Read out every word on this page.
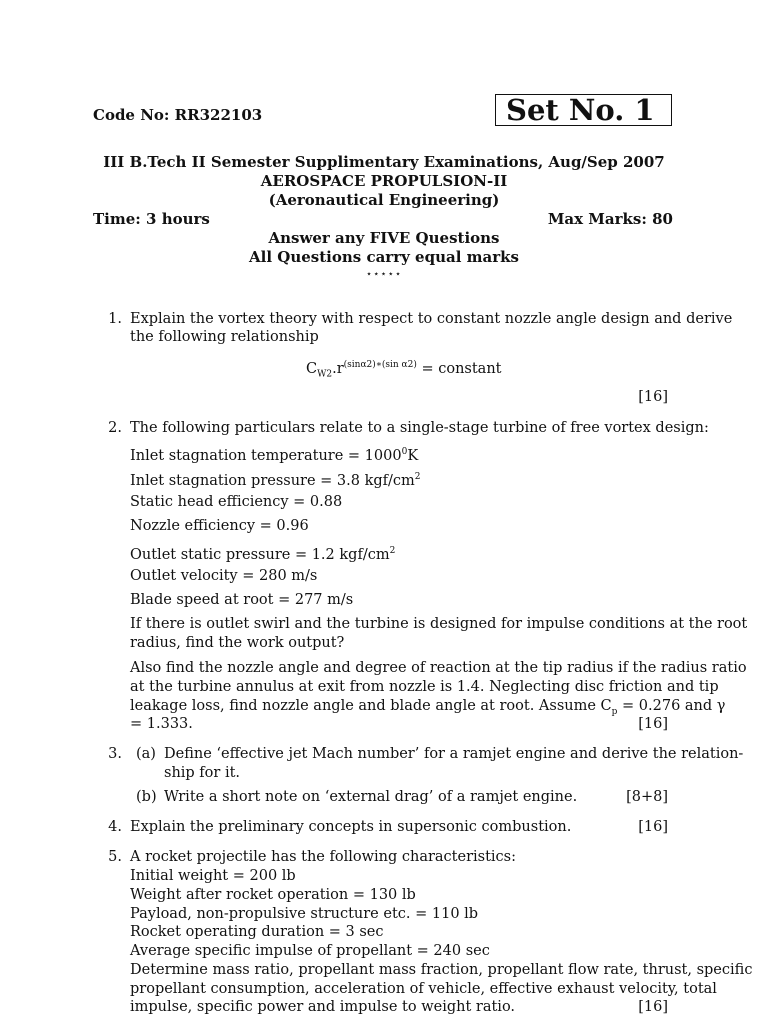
Code No: RR322103	Set No. 1
III B.Tech II Semester Supplimentary Examinations, Aug/Sep 2007
AEROSPACE PROPULSION-II
(Aeronautical Engineering)
Time: 3 hours	Max Marks: 80
Answer any FIVE Questions
All Questions carry equal marks
⋆⋆⋆⋆⋆
1. Explain the vortex theory with respect to constant nozzle angle design and derive
the following relationship
$C_{W2}.r^{(sin\alpha 2)∗(sin \alpha 2)}$ = constant
[16]
2. The following particulars relate to a single-stage turbine of free vortex design:
Inlet stagnation temperature = $1000^0K$
Inlet stagnation pressure = 3.8 kgf/$cm^2$
Static head efficiency = 0.88
Nozzle efficiency = 0.96
Outlet static pressure = 1.2 kgf/$cm^2$
Outlet velocity = 280 m/s
Blade speed at root = 277 m/s
If there is outlet swirl and the turbine is designed for impulse conditions at the root
radius, find the work output?
Also find the nozzle angle and degree of reaction at the tip radius if the radius ratio
at the turbine annulus at exit from nozzle is 1.4. Neglecting disc friction and tip
leakage loss, find nozzle angle and blade angle at root. Assume $C_p = 0.276$ and γ
= 1.333.	[16]
3. (a) Define ‘effective jet Mach number’ for a ramjet engine and derive the relation-
ship for it.
(b) Write a short note on ‘external drag’ of a ramjet engine.	[8+8]
4. Explain the preliminary concepts in supersonic combustion.	[16]
5. A rocket projectile has the following characteristics:
Initial weight = 200 lb
Weight after rocket operation = 130 lb
Payload, non-propulsive structure etc. = 110 lb
Rocket operating duration = 3 sec
Average specific impulse of propellant = 240 sec
Determine mass ratio, propellant mass fraction, propellant flow rate, thrust, specific
propellant consumption, acceleration of vehicle, effective exhaust velocity, total
impulse, specific power and impulse to weight ratio.	[16]
